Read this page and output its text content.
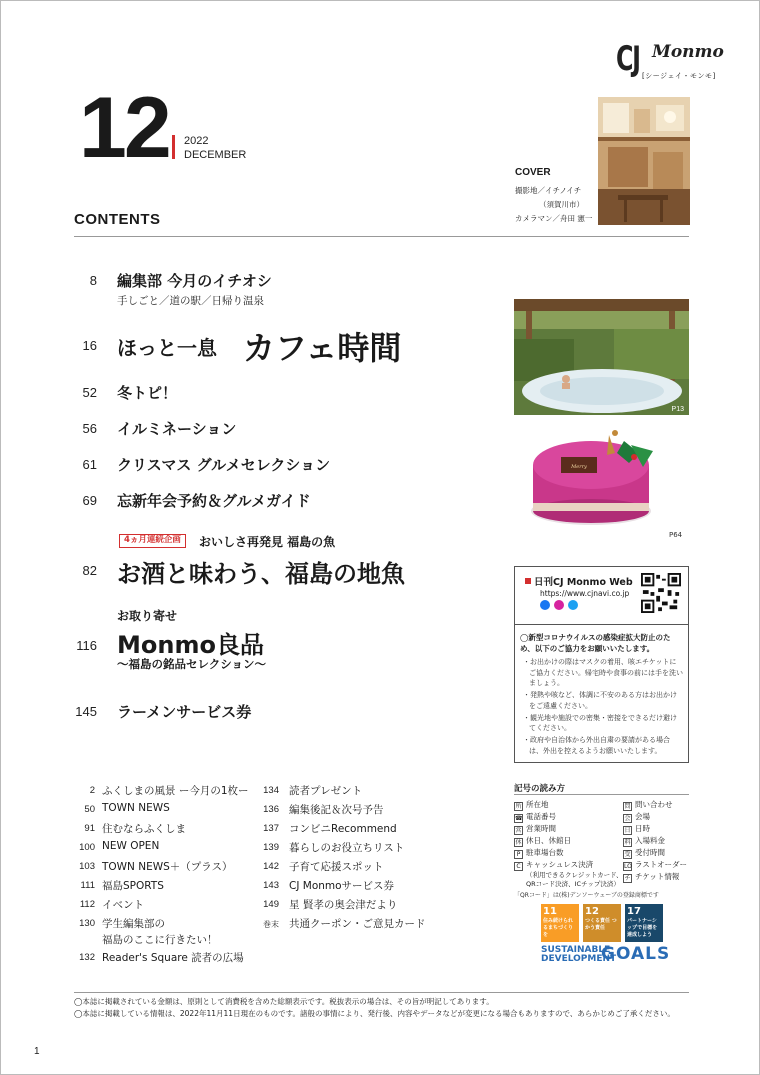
CJ Monmo
[シージェイ・モンモ]
12 2022
DECEMBER
COVER
撮影地／イチノイチ
（須賀川市）
カメラマン／舟田 憲一
CONTENTS
8 編集部 今月のイチオシ
手しごと／道の駅／日帰り温泉
16 ほっと一息 カフェ時間
52 冬トピ！
56 イルミネーション
61 クリスマス グルメセレクション
69 忘新年会予約＆グルメガイド
4ヵ月連続企画	おいしさ再発見 福島の魚
82 お酒と味わう、福島の地魚
お取り寄せ
116 Monmo良品
〜福島の銘品セレクション〜
145 ラーメンサービス券
P13
Merry
P64
日刊CJ Monmo Web
https://www.cjnavi.co.jp
◯新型コロナウイルスの感染症拡大防止のため、以下のご協力をお願いいたします。
・お出かけの際はマスクの着用、咳エチケットにご協力ください。帰宅時や食事の前には手を洗いましょう。
・発熱や咳など、体調に不安のある方はお出かけをご遠慮ください。
・観光地や施設での密集・密接をできるだけ避けてください。
・政府や自治体から外出自粛の要請がある場合は、外出を控えるようお願いいたします。
2 ふくしまの風景 ー今月の1枚ー
50 TOWN NEWS
91 住むならふくしま
100 NEW OPEN
103 TOWN NEWS＋（プラス）
111 福島SPORTS
112 イベント
130 学生編集部の
福島のここに行きたい！
132 Reader's Square 読者の広場
134 読者プレゼント
136 編集後記＆次号予告
137 コンビニRecommend
139 暮らしのお役立ちリスト
142 子育て応援スポット
143 CJ Monmoサービス券
149 星 賢孝の奥会津だより
巻末 共通クーポン・ご意見カード
記号の読み方
所 所在地
☎ 電話番号
営 営業時間
休 休日、休館日
P 駐車場台数
C キャッシュレス決済
（利用できるクレジットカード、
QRコード決済、ICチップ決済）
問 問い合わせ
会 会場
日 日時
料 入場料金
受 受付時間
LO ラストオーダー
チ チケット情報
「QRコード」は(株)デンソーウェーブの登録商標です
11
住み続けられるまちづくりを
12
つくる責任 つかう責任
17
パートナーシップで目標を達成しよう
SUSTAINABLE
DEVELOPMENT
GOALS
◯本誌に掲載されている金額は、原則として消費税を含めた総額表示です。税抜表示の場合は、その旨が明記してあります。
◯本誌に掲載している情報は、2022年11月11日現在のものです。諸般の事情により、発行後、内容やデータなどが変更になる場合もありますので、あらかじめご了承ください。
1
